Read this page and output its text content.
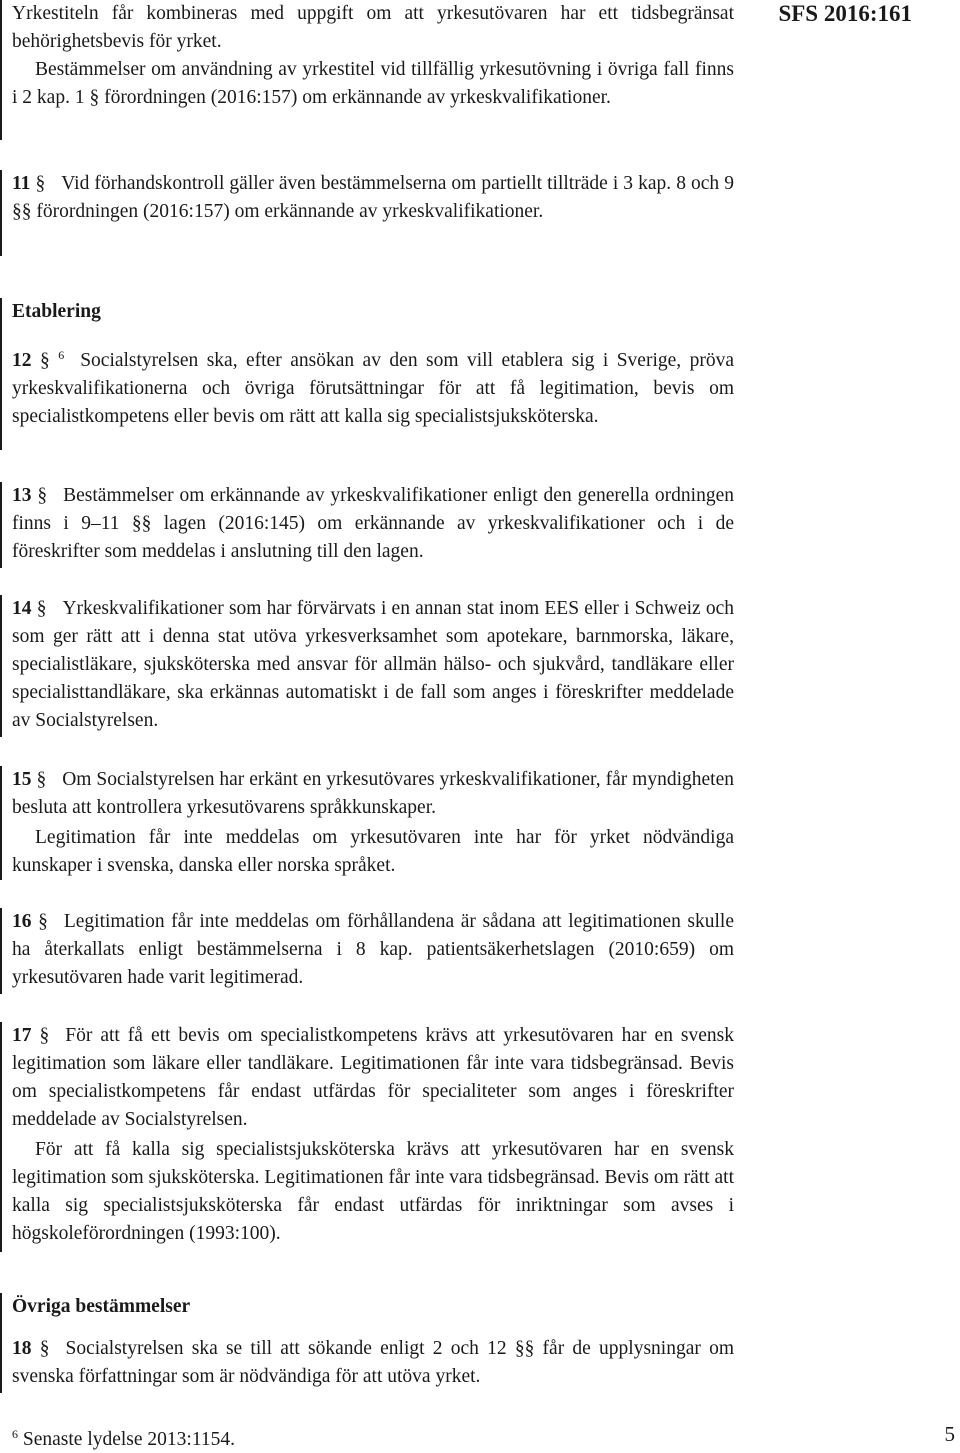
SFS 2016:161

Yrkestiteln får kombineras med uppgift om att yrkesutövaren har ett tidsbegränsat behörighetsbevis för yrket.

Bestämmelser om användning av yrkestitel vid tillfällig yrkesutövning i övriga fall finns i 2 kap. 1 § förordningen (2016:157) om erkännande av yrkeskvalifikationer.

11 § Vid förhandskontroll gäller även bestämmelserna om partiellt tillträde i 3 kap. 8 och 9 §§ förordningen (2016:157) om erkännande av yrkeskvalifikationer.

Etablering

12 § $^6$ Socialstyrelsen ska, efter ansökan av den som vill etablera sig i Sverige, pröva yrkeskvalifikationerna och övriga förutsättningar för att få legitimation, bevis om specialistkompetens eller bevis om rätt att kalla sig specialistsjuksköterska.

13 § Bestämmelser om erkännande av yrkeskvalifikationer enligt den generella ordningen finns i 9–11 §§ lagen (2016:145) om erkännande av yrkeskvalifikationer och i de föreskrifter som meddelas i anslutning till den lagen.

14 § Yrkeskvalifikationer som har förvärvats i en annan stat inom EES eller i Schweiz och som ger rätt att i denna stat utöva yrkesverksamhet som apotekare, barnmorska, läkare, specialistläkare, sjuksköterska med ansvar för allmän hälso- och sjukvård, tandläkare eller specialisttandläkare, ska erkännas automatiskt i de fall som anges i föreskrifter meddelade av Socialstyrelsen.

15 § Om Socialstyrelsen har erkänt en yrkesutövares yrkeskvalifikationer, får myndigheten besluta att kontrollera yrkesutövarens språkkunskaper.

Legitimation får inte meddelas om yrkesutövaren inte har för yrket nödvändiga kunskaper i svenska, danska eller norska språket.

16 § Legitimation får inte meddelas om förhållandena är sådana att legitimationen skulle ha återkallats enligt bestämmelserna i 8 kap. patientsäkerhetslagen (2010:659) om yrkesutövaren hade varit legitimerad.

17 § För att få ett bevis om specialistkompetens krävs att yrkesutövaren har en svensk legitimation som läkare eller tandläkare. Legitimationen får inte vara tidsbegränsad. Bevis om specialistkompetens får endast utfärdas för specialiteter som anges i föreskrifter meddelade av Socialstyrelsen.

För att få kalla sig specialistsjuksköterska krävs att yrkesutövaren har en svensk legitimation som sjuksköterska. Legitimationen får inte vara tidsbegränsad. Bevis om rätt att kalla sig specialistsjuksköterska får endast utfärdas för inriktningar som avses i högskoleförordningen (1993:100).

Övriga bestämmelser

18 § Socialstyrelsen ska se till att sökande enligt 2 och 12 §§ får de upplysningar om svenska författningar som är nödvändiga för att utöva yrket.

$^6$ Senaste lydelse 2013:1154.	5
